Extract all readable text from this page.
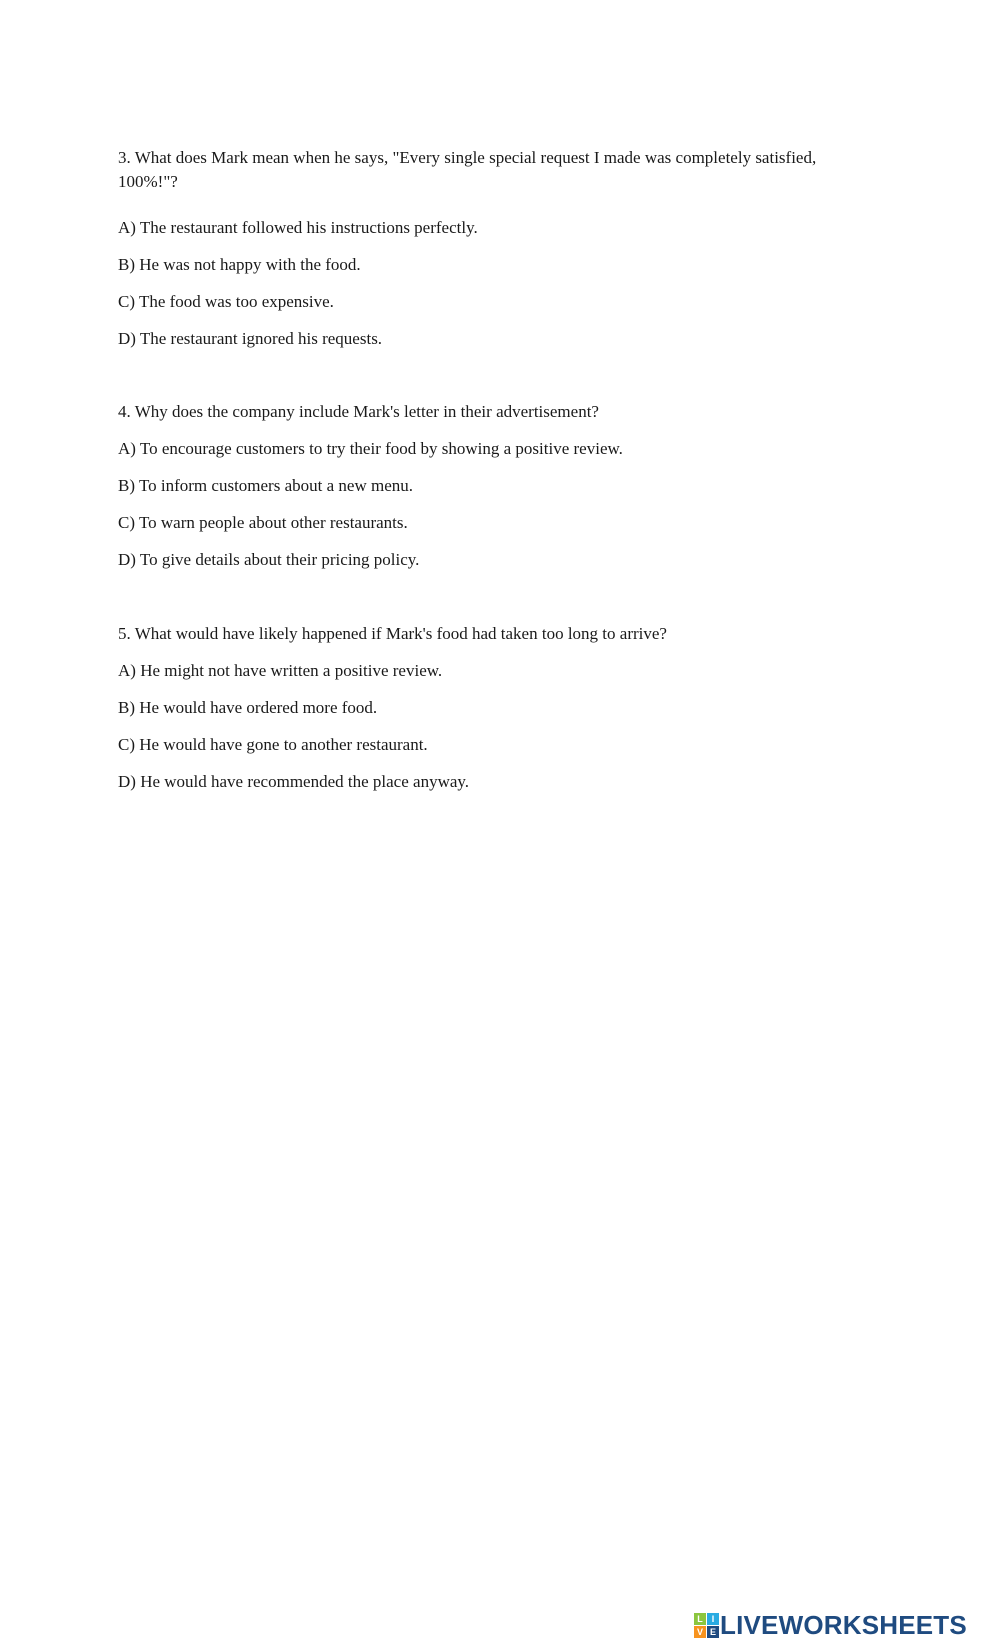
3. What does Mark mean when he says, "Every single special request I made was completely satisfied, 100%!"?
A) The restaurant followed his instructions perfectly.
B) He was not happy with the food.
C) The food was too expensive.
D) The restaurant ignored his requests.
4. Why does the company include Mark's letter in their advertisement?
A) To encourage customers to try their food by showing a positive review.
B) To inform customers about a new menu.
C) To warn people about other restaurants.
D) To give details about their pricing policy.
5. What would have likely happened if Mark's food had taken too long to arrive?
A) He might not have written a positive review.
B) He would have ordered more food.
C) He would have gone to another restaurant.
D) He would have recommended the place anyway.
L I
V E LIVEWORKSHEETS
